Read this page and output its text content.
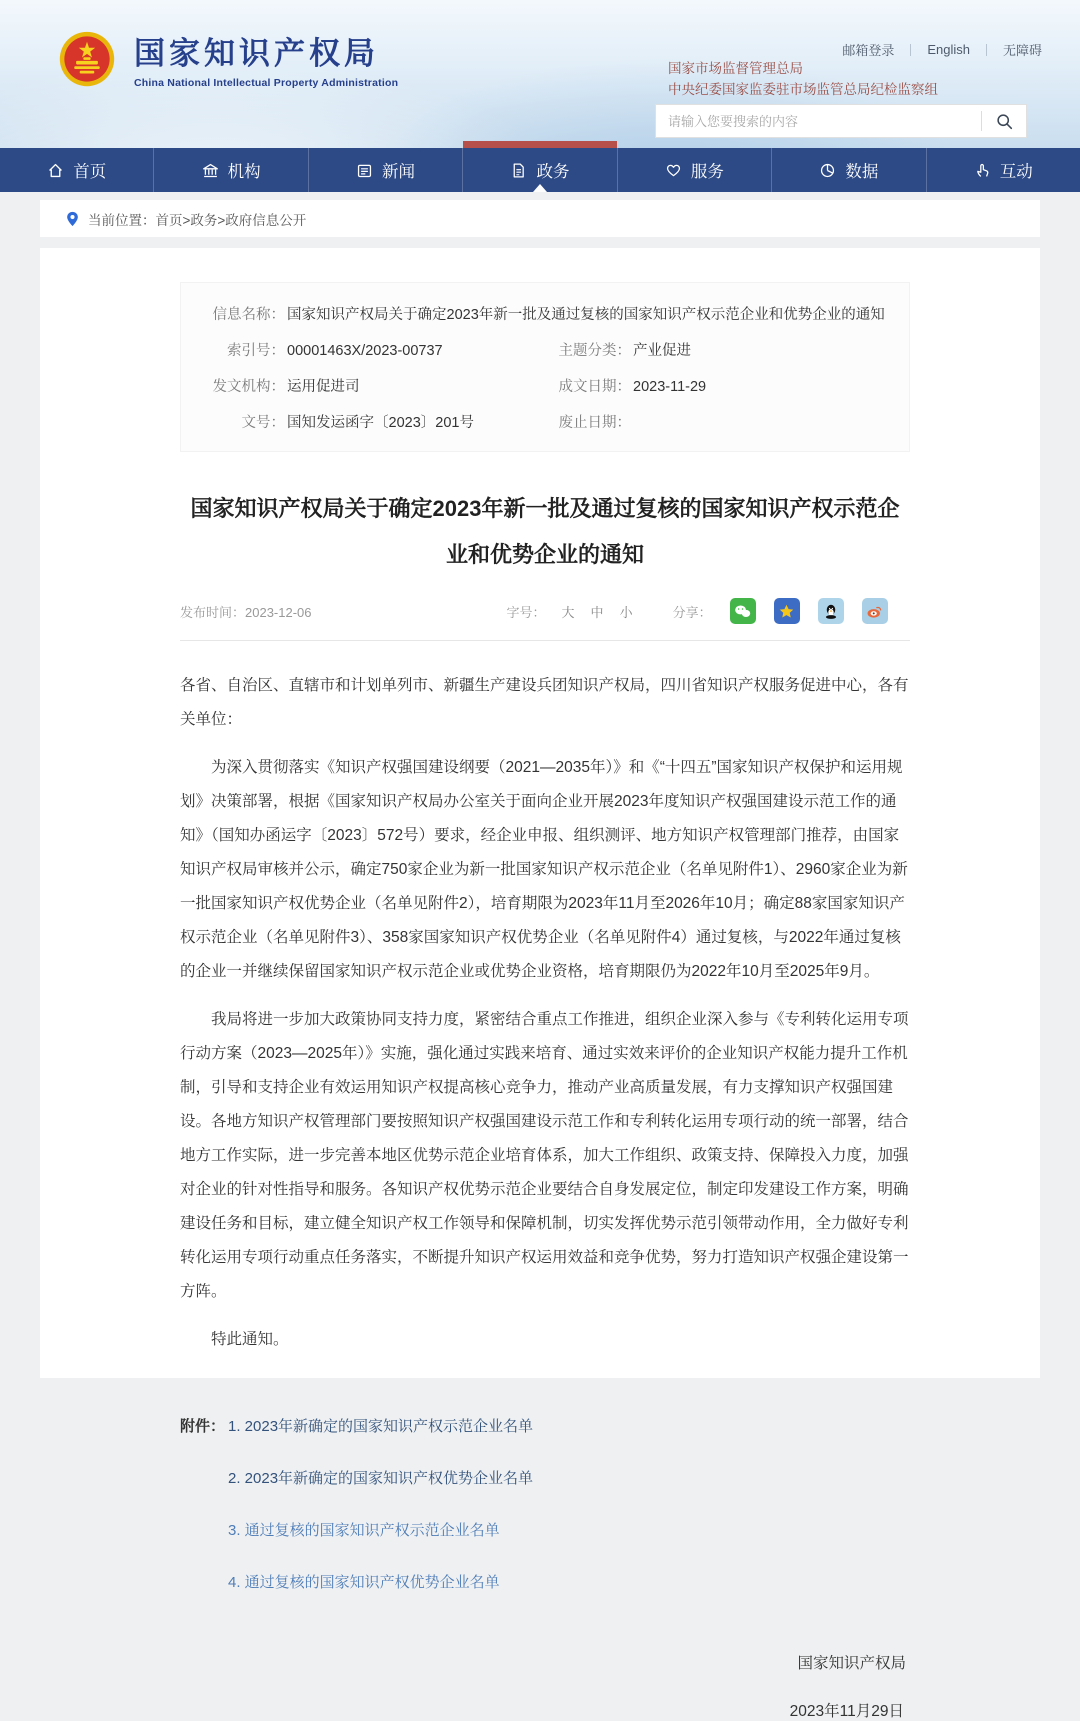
国家知识产权局
China National Intellectual Property Administration
邮箱登录	English	无障碍
国家市场监督管理总局
中央纪委国家监委驻市场监管总局纪检监察组
请输入您要搜索的内容
首页	机构	新闻	政务	服务	数据	互动
当前位置： 首页>政务>政府信息公开
信息名称： 国家知识产权局关于确定2023年新一批及通过复核的国家知识产权示范企业和优势企业的通知
索引号： 00001463X/2023-00737	主题分类： 产业促进
发文机构： 运用促进司	成文日期： 2023-11-29
文号： 国知发运函字〔2023〕201号	废止日期：
国家知识产权局关于确定2023年新一批及通过复核的国家知识产权示范企业和优势企业的通知
发布时间：2023-12-06	字号： 大 中 小	分享：

各省、自治区、直辖市和计划单列市、新疆生产建设兵团知识产权局，四川省知识产权服务促进中心，各有关单位：

为深入贯彻落实《知识产权强国建设纲要（2021—2035年）》和《“十四五”国家知识产权保护和运用规划》决策部署，根据《国家知识产权局办公室关于面向企业开展2023年度知识产权强国建设示范工作的通知》（国知办函运字〔2023〕572号）要求，经企业申报、组织测评、地方知识产权管理部门推荐，由国家知识产权局审核并公示，确定750家企业为新一批国家知识产权示范企业（名单见附件1）、2960家企业为新一批国家知识产权优势企业（名单见附件2），培育期限为2023年11月至2026年10月；确定88家国家知识产权示范企业（名单见附件3）、358家国家知识产权优势企业（名单见附件4）通过复核，与2022年通过复核的企业一并继续保留国家知识产权示范企业或优势企业资格，培育期限仍为2022年10月至2025年9月。

我局将进一步加大政策协同支持力度，紧密结合重点工作推进，组织企业深入参与《专利转化运用专项行动方案（2023—2025年）》实施，强化通过实践来培育、通过实效来评价的企业知识产权能力提升工作机制，引导和支持企业有效运用知识产权提高核心竞争力，推动产业高质量发展，有力支撑知识产权强国建设。各地方知识产权管理部门要按照知识产权强国建设示范工作和专利转化运用专项行动的统一部署，结合地方工作实际，进一步完善本地区优势示范企业培育体系，加大工作组织、政策支持、保障投入力度，加强对企业的针对性指导和服务。各知识产权优势示范企业要结合自身发展定位，制定印发建设工作方案，明确建设任务和目标，建立健全知识产权工作领导和保障机制，切实发挥优势示范引领带动作用，全力做好专利转化运用专项行动重点任务落实，不断提升知识产权运用效益和竞争优势，努力打造知识产权强企建设第一方阵。

特此通知。

附件： 1. 2023年新确定的国家知识产权示范企业名单
2. 2023年新确定的国家知识产权优势企业名单
3. 通过复核的国家知识产权示范企业名单
4. 通过复核的国家知识产权优势企业名单
国家知识产权局
2023年11月29日
